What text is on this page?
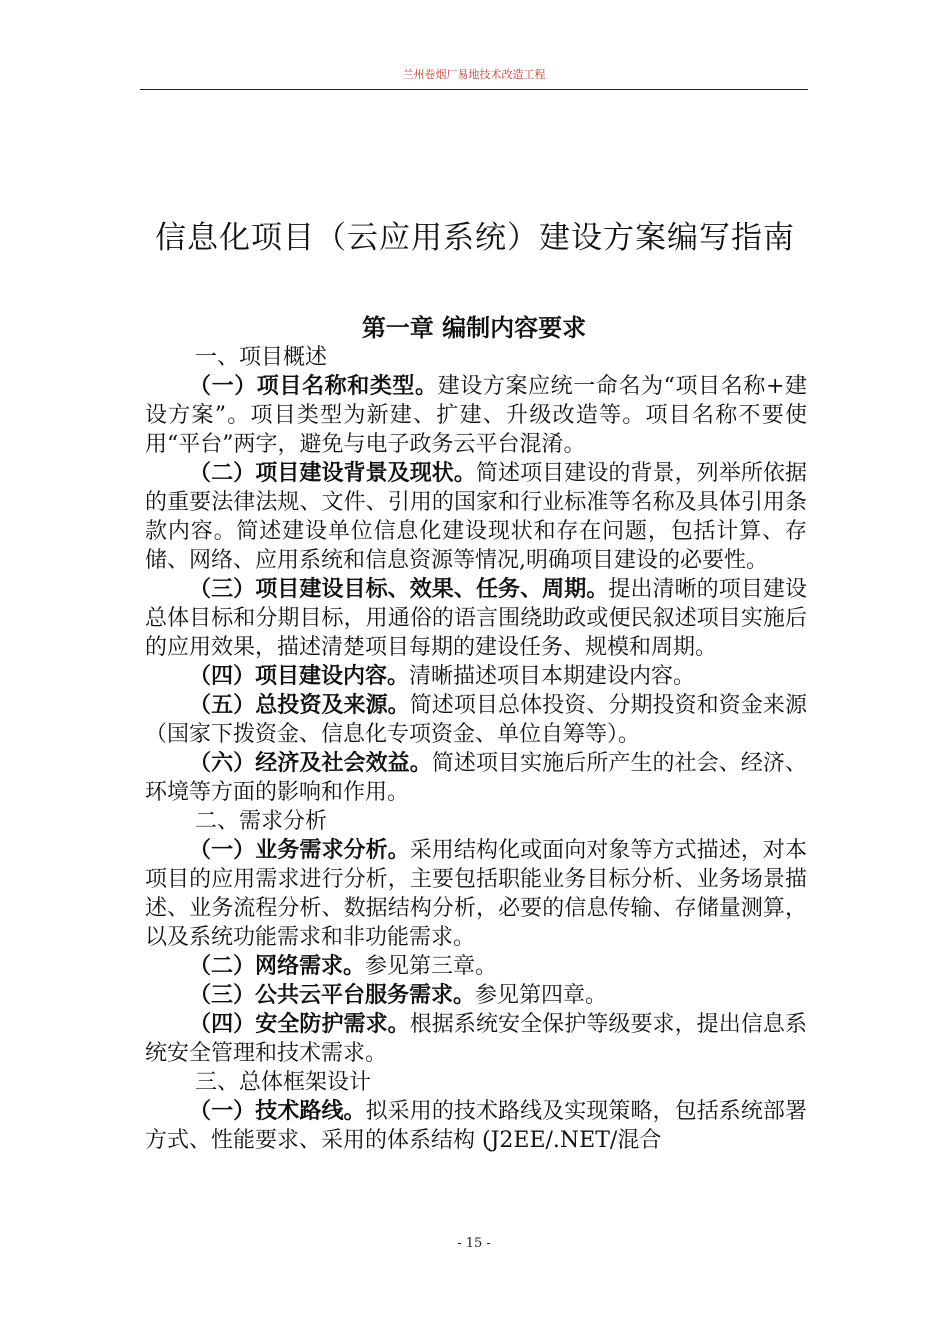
兰州卷烟厂易地技术改造工程
信息化项目（云应用系统）建设方案编写指南
第一章 编制内容要求

一、项目概述

（一）项目名称和类型。建设方案应统一命名为“项目名称+建设方案”。项目类型为新建、扩建、升级改造等。项目名称不要使用“平台”两字，避免与电子政务云平台混淆。

（二）项目建设背景及现状。简述项目建设的背景，列举所依据的重要法律法规、文件、引用的国家和行业标准等名称及具体引用条款内容。简述建设单位信息化建设现状和存在问题，包括计算、存储、网络、应用系统和信息资源等情况,明确项目建设的必要性。

（三）项目建设目标、效果、任务、周期。提出清晰的项目建设总体目标和分期目标，用通俗的语言围绕助政或便民叙述项目实施后的应用效果，描述清楚项目每期的建设任务、规模和周期。

（四）项目建设内容。清晰描述项目本期建设内容。

（五）总投资及来源。简述项目总体投资、分期投资和资金来源（国家下拨资金、信息化专项资金、单位自筹等）。

（六）经济及社会效益。简述项目实施后所产生的社会、经济、环境等方面的影响和作用。

二、需求分析

（一）业务需求分析。采用结构化或面向对象等方式描述，对本项目的应用需求进行分析，主要包括职能业务目标分析、业务场景描述、业务流程分析、数据结构分析，必要的信息传输、存储量测算，以及系统功能需求和非功能需求。

（二）网络需求。参见第三章。

（三）公共云平台服务需求。参见第四章。

（四）安全防护需求。根据系统安全保护等级要求，提出信息系统安全管理和技术需求。

三、总体框架设计

（一）技术路线。拟采用的技术路线及实现策略，包括系统部署方式、性能要求、采用的体系结构 (J2EE/.NET/混合

- 15 -
